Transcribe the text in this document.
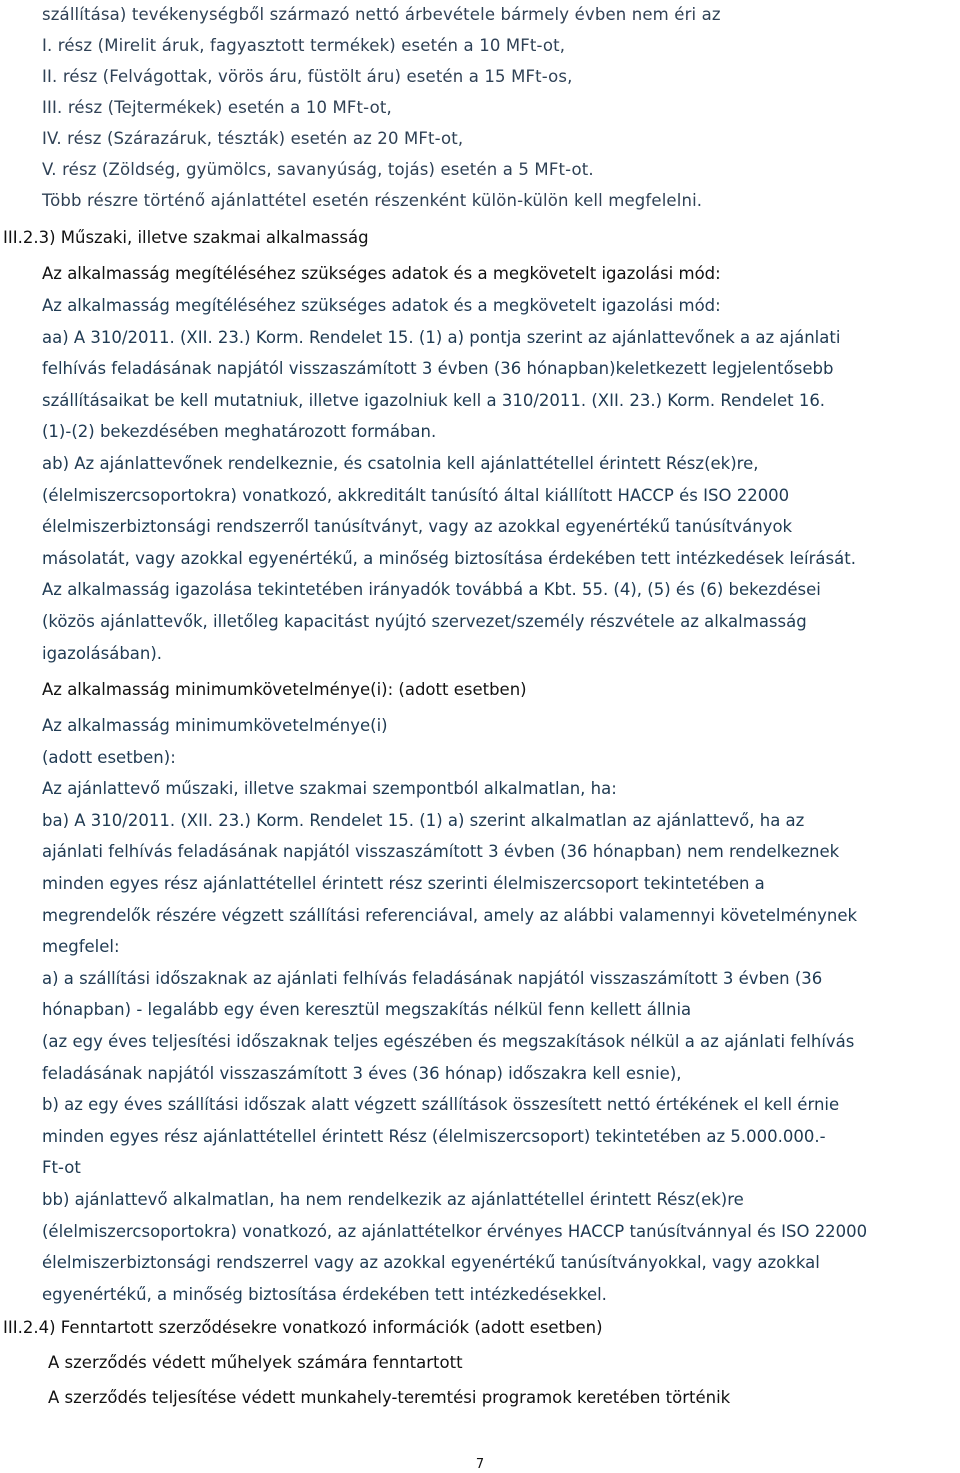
szállítása) tevékenységből származó nettó árbevétele bármely évben nem éri az
I. rész (Mirelit áruk, fagyasztott termékek) esetén a 10 MFt-ot,
II. rész (Felvágottak, vörös áru, füstölt áru) esetén a 15 MFt-os,
III. rész (Tejtermékek) esetén a 10 MFt-ot,
IV. rész (Szárazáruk, tészták) esetén az 20 MFt-ot,
V. rész (Zöldség, gyümölcs, savanyúság, tojás) esetén a 5 MFt-ot.
Több részre történő ajánlattétel esetén részenként külön-külön kell megfelelni.
III.2.3) Műszaki, illetve szakmai alkalmasság
Az alkalmasság megítéléséhez szükséges adatok és a megkövetelt igazolási mód:
Az alkalmasság megítéléséhez szükséges adatok és a megkövetelt igazolási mód:
aa) A 310/2011. (XII. 23.) Korm. Rendelet 15. (1) a) pontja szerint az ajánlattevőnek a az ajánlati
felhívás feladásának napjától visszaszámított 3 évben (36 hónapban)keletkezett legjelentősebb
szállításaikat be kell mutatniuk, illetve igazolniuk kell a 310/2011. (XII. 23.) Korm. Rendelet 16.
(1)-(2) bekezdésében meghatározott formában.
ab) Az ajánlattevőnek rendelkeznie, és csatolnia kell ajánlattétellel érintett Rész(ek)re,
(élelmiszercsoportokra) vonatkozó, akkreditált tanúsító által kiállított HACCP és ISO 22000
élelmiszerbiztonsági rendszerről tanúsítványt, vagy az azokkal egyenértékű tanúsítványok
másolatát, vagy azokkal egyenértékű, a minőség biztosítása érdekében tett intézkedések leírását.
Az alkalmasság igazolása tekintetében irányadók továbbá a Kbt. 55. (4), (5) és (6) bekezdései
(közös ajánlattevők, illetőleg kapacitást nyújtó szervezet/személy részvétele az alkalmasság
igazolásában).
Az alkalmasság minimumkövetelménye(i): (adott esetben)
Az alkalmasság minimumkövetelménye(i)
(adott esetben):
Az ajánlattevő műszaki, illetve szakmai szempontból alkalmatlan, ha:
ba) A 310/2011. (XII. 23.) Korm. Rendelet 15. (1) a) szerint alkalmatlan az ajánlattevő, ha az
ajánlati felhívás feladásának napjától visszaszámított 3 évben (36 hónapban) nem rendelkeznek
minden egyes rész ajánlattétellel érintett rész szerinti élelmiszercsoport tekintetében a
megrendelők részére végzett szállítási referenciával, amely az alábbi valamennyi követelménynek
megfelel:
a) a szállítási időszaknak az ajánlati felhívás feladásának napjától visszaszámított 3 évben (36
hónapban) - legalább egy éven keresztül megszakítás nélkül fenn kellett állnia
(az egy éves teljesítési időszaknak teljes egészében és megszakítások nélkül a az ajánlati felhívás
feladásának napjától visszaszámított 3 éves (36 hónap) időszakra kell esnie),
b) az egy éves szállítási időszak alatt végzett szállítások összesített nettó értékének el kell érnie
minden egyes rész ajánlattétellel érintett Rész (élelmiszercsoport) tekintetében az 5.000.000.-
Ft-ot
bb) ajánlattevő alkalmatlan, ha nem rendelkezik az ajánlattétellel érintett Rész(ek)re
(élelmiszercsoportokra) vonatkozó, az ajánlattételkor érvényes HACCP tanúsítvánnyal és ISO 22000
élelmiszerbiztonsági rendszerrel vagy az azokkal egyenértékű tanúsítványokkal, vagy azokkal
egyenértékű, a minőség biztosítása érdekében tett intézkedésekkel.
III.2.4) Fenntartott szerződésekre vonatkozó információk (adott esetben)
A szerződés védett műhelyek számára fenntartott
A szerződés teljesítése védett munkahely-teremtési programok keretében történik
7
